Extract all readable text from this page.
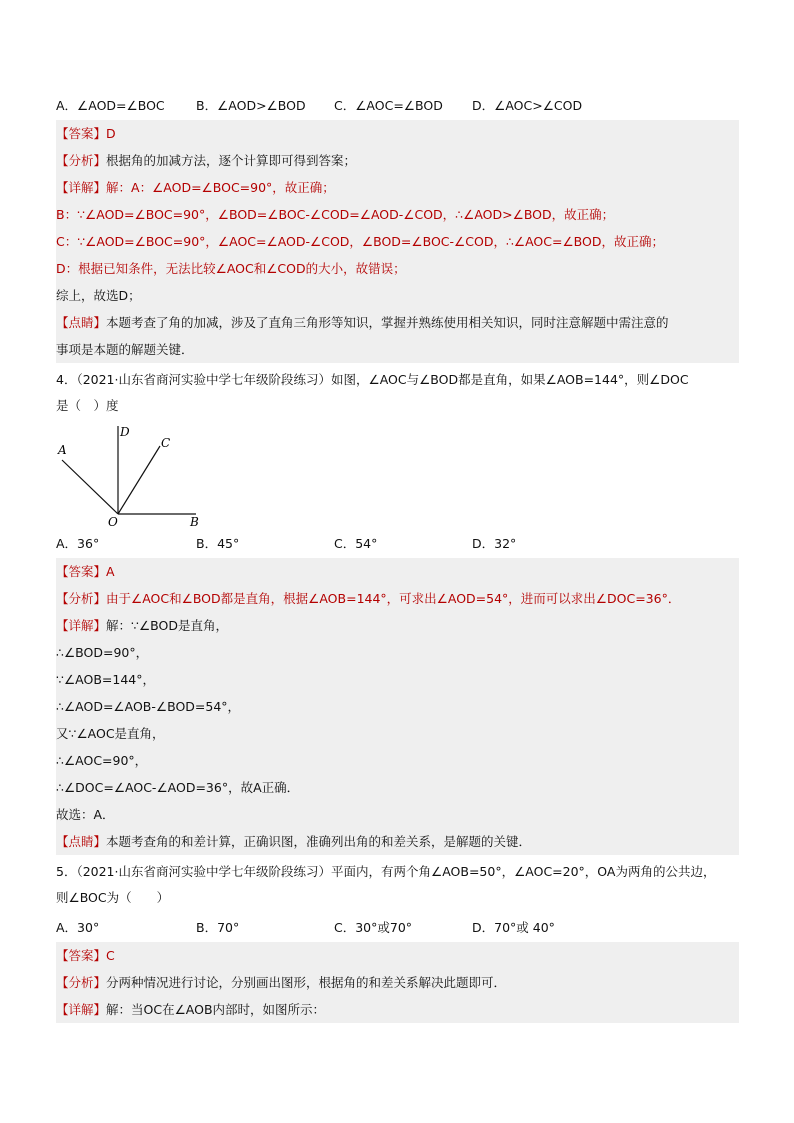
A．∠AOD=∠BOC	B．∠AOD>∠BOD C．∠AOC=∠BOD D．∠AOC>∠COD
【答案】D
【分析】根据角的加减方法，逐个计算即可得到答案；
【详解】解：A：∠AOD=∠BOC=90°，故正确；
B：∵∠AOD=∠BOC=90°，∠BOD=∠BOC-∠COD=∠AOD-∠COD，∴∠AOD>∠BOD，故正确；
C：∵∠AOD=∠BOC=90°，∠AOC=∠AOD-∠COD，∠BOD=∠BOC-∠COD，∴∠AOC=∠BOD，故正确；
D：根据已知条件，无法比较∠AOC和∠COD的大小，故错误；
综上，故选D；
【点睛】本题考查了角的加减，涉及了直角三角形等知识，掌握并熟练使用相关知识，同时注意解题中需注意的
事项是本题的解题关键．
4．（2021·山东省商河实验中学七年级阶段练习）如图，∠AOC与∠BOD都是直角，如果∠AOB=144°，则∠DOC
是（　）度
A
B
C
D
O
A．36°	B．45°	C．54°	D．32°
【答案】A
【分析】由于∠AOC和∠BOD都是直角，根据∠AOB=144°，可求出∠AOD=54°，进而可以求出∠DOC=36°．
【详解】解：∵∠BOD是直角，
∴∠BOD=90°，
∵∠AOB=144°，
∴∠AOD=∠AOB-∠BOD=54°，
又∵∠AOC是直角，
∴∠AOC=90°，
∴∠DOC=∠AOC-∠AOD=36°，故A正确．
故选：A．
【点睛】本题考查角的和差计算，正确识图，准确列出角的和差关系，是解题的关键．
5．（2021·山东省商河实验中学七年级阶段练习）平面内，有两个角∠AOB=50°，∠AOC=20°，OA为两角的公共边，
则∠BOC为（　　）
A．30°	B．70°	C．30°或70°	D．70°或 40°
【答案】C
【分析】分两种情况进行讨论，分别画出图形，根据角的和差关系解决此题即可．
【详解】解：当OC在∠AOB内部时，如图所示：
